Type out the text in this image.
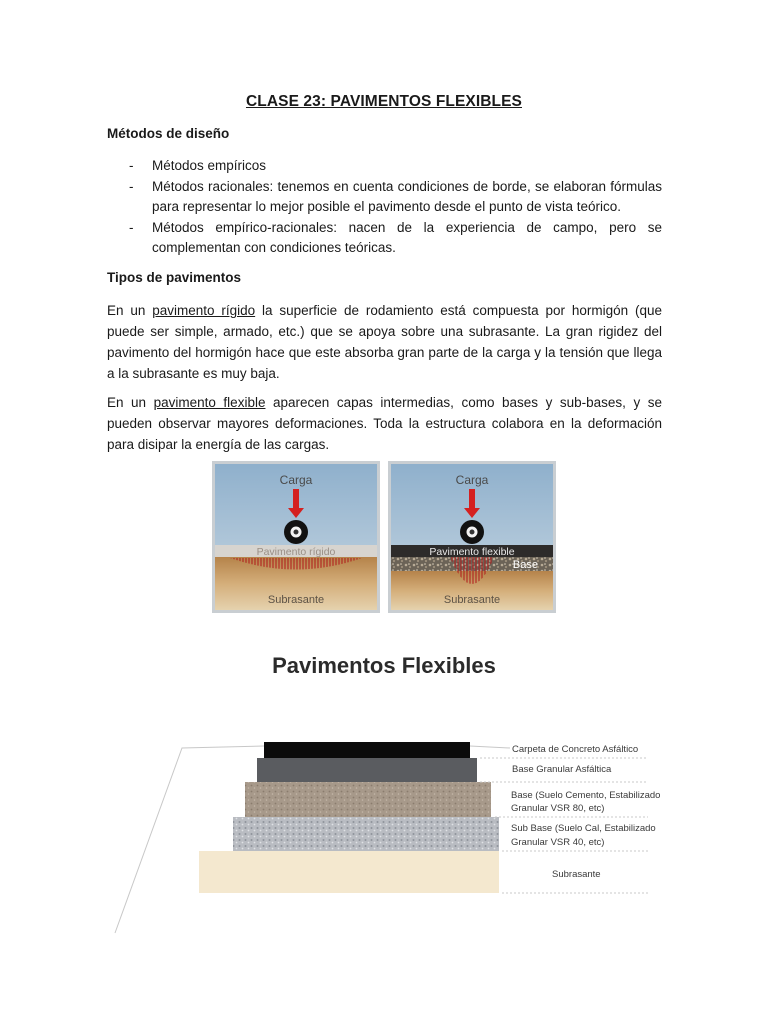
CLASE 23: PAVIMENTOS FLEXIBLES
Métodos de diseño
- Métodos empíricos
- Métodos racionales: tenemos en cuenta condiciones de borde, se elaboran fórmulas para representar lo mejor posible el pavimento desde el punto de vista teórico.
- Métodos empírico-racionales: nacen de la experiencia de campo, pero se complementan con condiciones teóricas.
Tipos de pavimentos

En un pavimento rígido la superficie de rodamiento está compuesta por hormigón (que puede ser simple, armado, etc.) que se apoya sobre una subrasante. La gran rigidez del pavimento del hormigón hace que este absorba gran parte de la carga y la tensión que llega a la subrasante es muy baja.

En un pavimento flexible aparecen capas intermedias, como bases y sub-bases, y se pueden observar mayores deformaciones. Toda la estructura colabora en la deformación para disipar la energía de las cargas.

Carga
Pavimento rígido
Subrasante
Carga
Pavimento flexible
Base
Subrasante
Pavimentos Flexibles
Carpeta de Concreto Asfáltico
Base Granular Asfáltica
Base (Suelo Cemento, Estabilizado
Granular VSR 80, etc)
Sub Base (Suelo Cal, Estabilizado
Granular VSR 40, etc)
Subrasante
